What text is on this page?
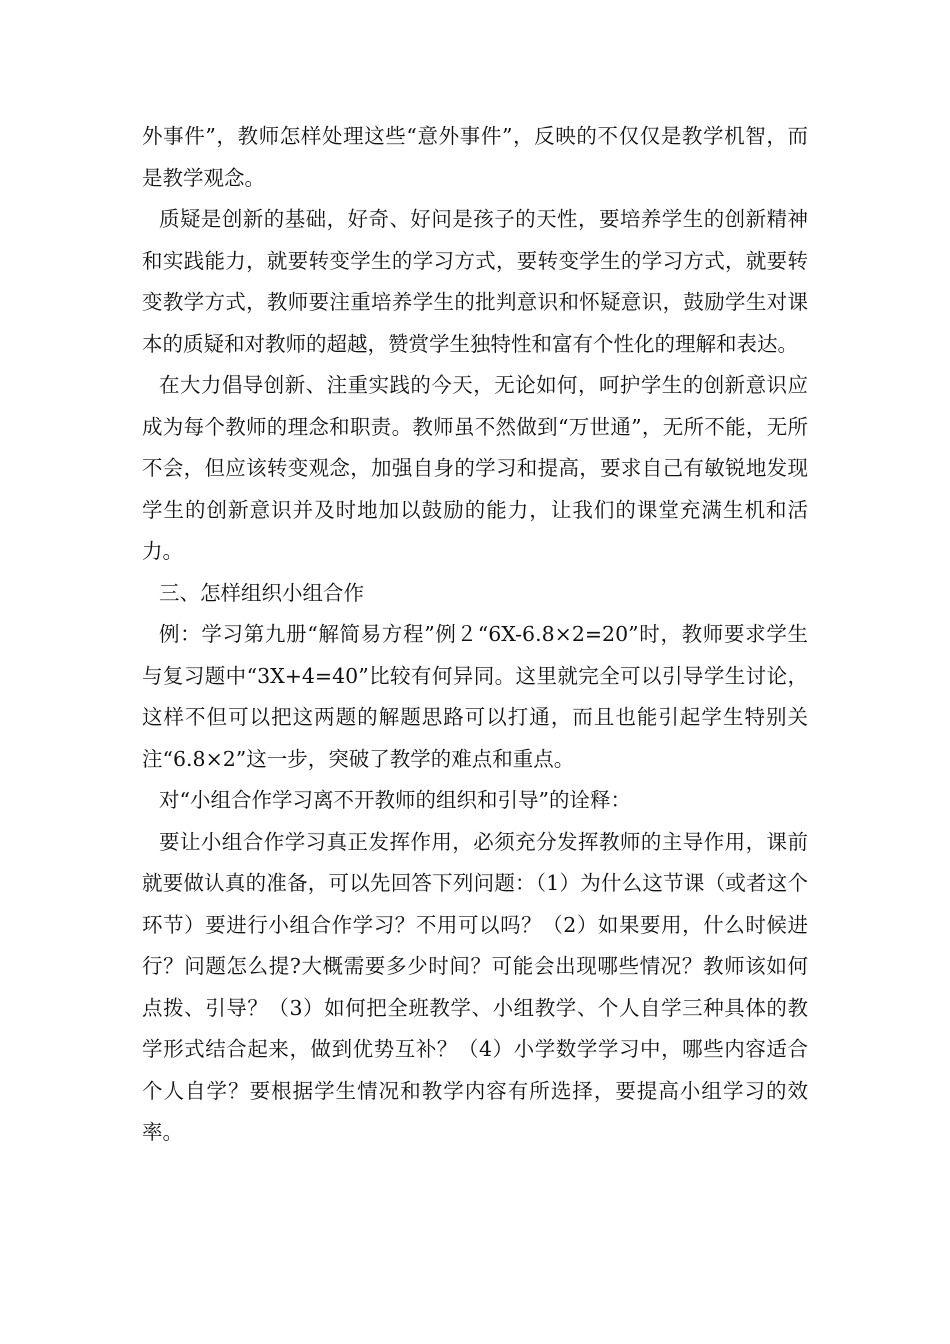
外事件”，教师怎样处理这些“意外事件”，反映的不仅仅是教学机智，而是教学观念。

质疑是创新的基础，好奇、好问是孩子的天性，要培养学生的创新精神和实践能力，就要转变学生的学习方式，要转变学生的学习方式，就要转变教学方式，教师要注重培养学生的批判意识和怀疑意识，鼓励学生对课本的质疑和对教师的超越，赞赏学生独特性和富有个性化的理解和表达。

在大力倡导创新、注重实践的今天，无论如何，呵护学生的创新意识应成为每个教师的理念和职责。教师虽不然做到“万世通”，无所不能，无所不会，但应该转变观念，加强自身的学习和提高，要求自己有敏锐地发现学生的创新意识并及时地加以鼓励的能力，让我们的课堂充满生机和活力。

三、怎样组织小组合作

例：学习第九册“解简易方程”例２“6X-6.8×2=20”时，教师要求学生与复习题中“3X+4=40”比较有何异同。这里就完全可以引导学生讨论，这样不但可以把这两题的解题思路可以打通，而且也能引起学生特别关注“6.8×2”这一步，突破了教学的难点和重点。

对“小组合作学习离不开教师的组织和引导”的诠释：

要让小组合作学习真正发挥作用，必须充分发挥教师的主导作用，课前就要做认真的准备，可以先回答下列问题：（1）为什么这节课（或者这个环节）要进行小组合作学习？不用可以吗？（2）如果要用，什么时候进行？问题怎么提?大概需要多少时间？可能会出现哪些情况？教师该如何点拨、引导？（3）如何把全班教学、小组教学、个人自学三种具体的教学形式结合起来，做到优势互补？（4）小学数学学习中，哪些内容适合个人自学？要根据学生情况和教学内容有所选择，要提高小组学习的效率。
